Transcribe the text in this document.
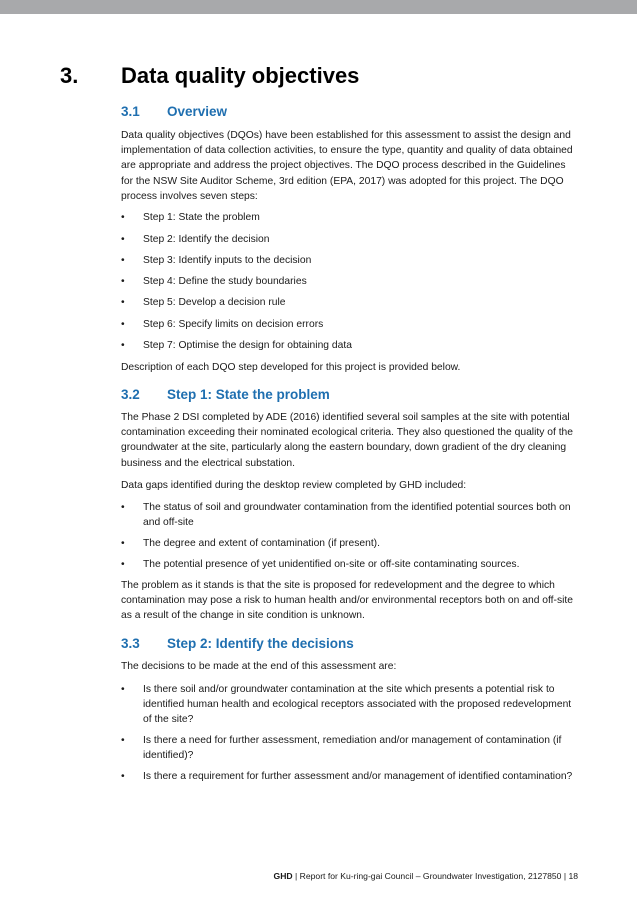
3. Data quality objectives
3.1 Overview
Data quality objectives (DQOs) have been established for this assessment to assist the design and implementation of data collection activities, to ensure the type, quantity and quality of data obtained are appropriate and address the project objectives. The DQO process described in the Guidelines for the NSW Site Auditor Scheme, 3rd edition (EPA, 2017) was adopted for this project. The DQO process involves seven steps:
•	Step 1: State the problem
•	Step 2: Identify the decision
•	Step 3: Identify inputs to the decision
•	Step 4: Define the study boundaries
•	Step 5: Develop a decision rule
•	Step 6: Specify limits on decision errors
•	Step 7: Optimise the design for obtaining data
Description of each DQO step developed for this project is provided below.
3.2 Step 1: State the problem
The Phase 2 DSI completed by ADE (2016) identified several soil samples at the site with potential contamination exceeding their nominated ecological criteria. They also questioned the quality of the groundwater at the site, particularly along the eastern boundary, down gradient of the dry cleaning business and the electrical substation.
Data gaps identified during the desktop review completed by GHD included:
•	The status of soil and groundwater contamination from the identified potential sources both on and off-site
•	The degree and extent of contamination (if present).
•	The potential presence of yet unidentified on-site or off-site contaminating sources.
The problem as it stands is that the site is proposed for redevelopment and the degree to which contamination may pose a risk to human health and/or environmental receptors both on and off-site as a result of the change in site condition is unknown.
3.3 Step 2: Identify the decisions
The decisions to be made at the end of this assessment are:
•	Is there soil and/or groundwater contamination at the site which presents a potential risk to identified human health and ecological receptors associated with the proposed redevelopment of the site?
•	Is there a need for further assessment, remediation and/or management of contamination (if identified)?
•	Is there a requirement for further assessment and/or management of identified contamination?
GHD | Report for Ku-ring-gai Council – Groundwater Investigation, 2127850 | 18
